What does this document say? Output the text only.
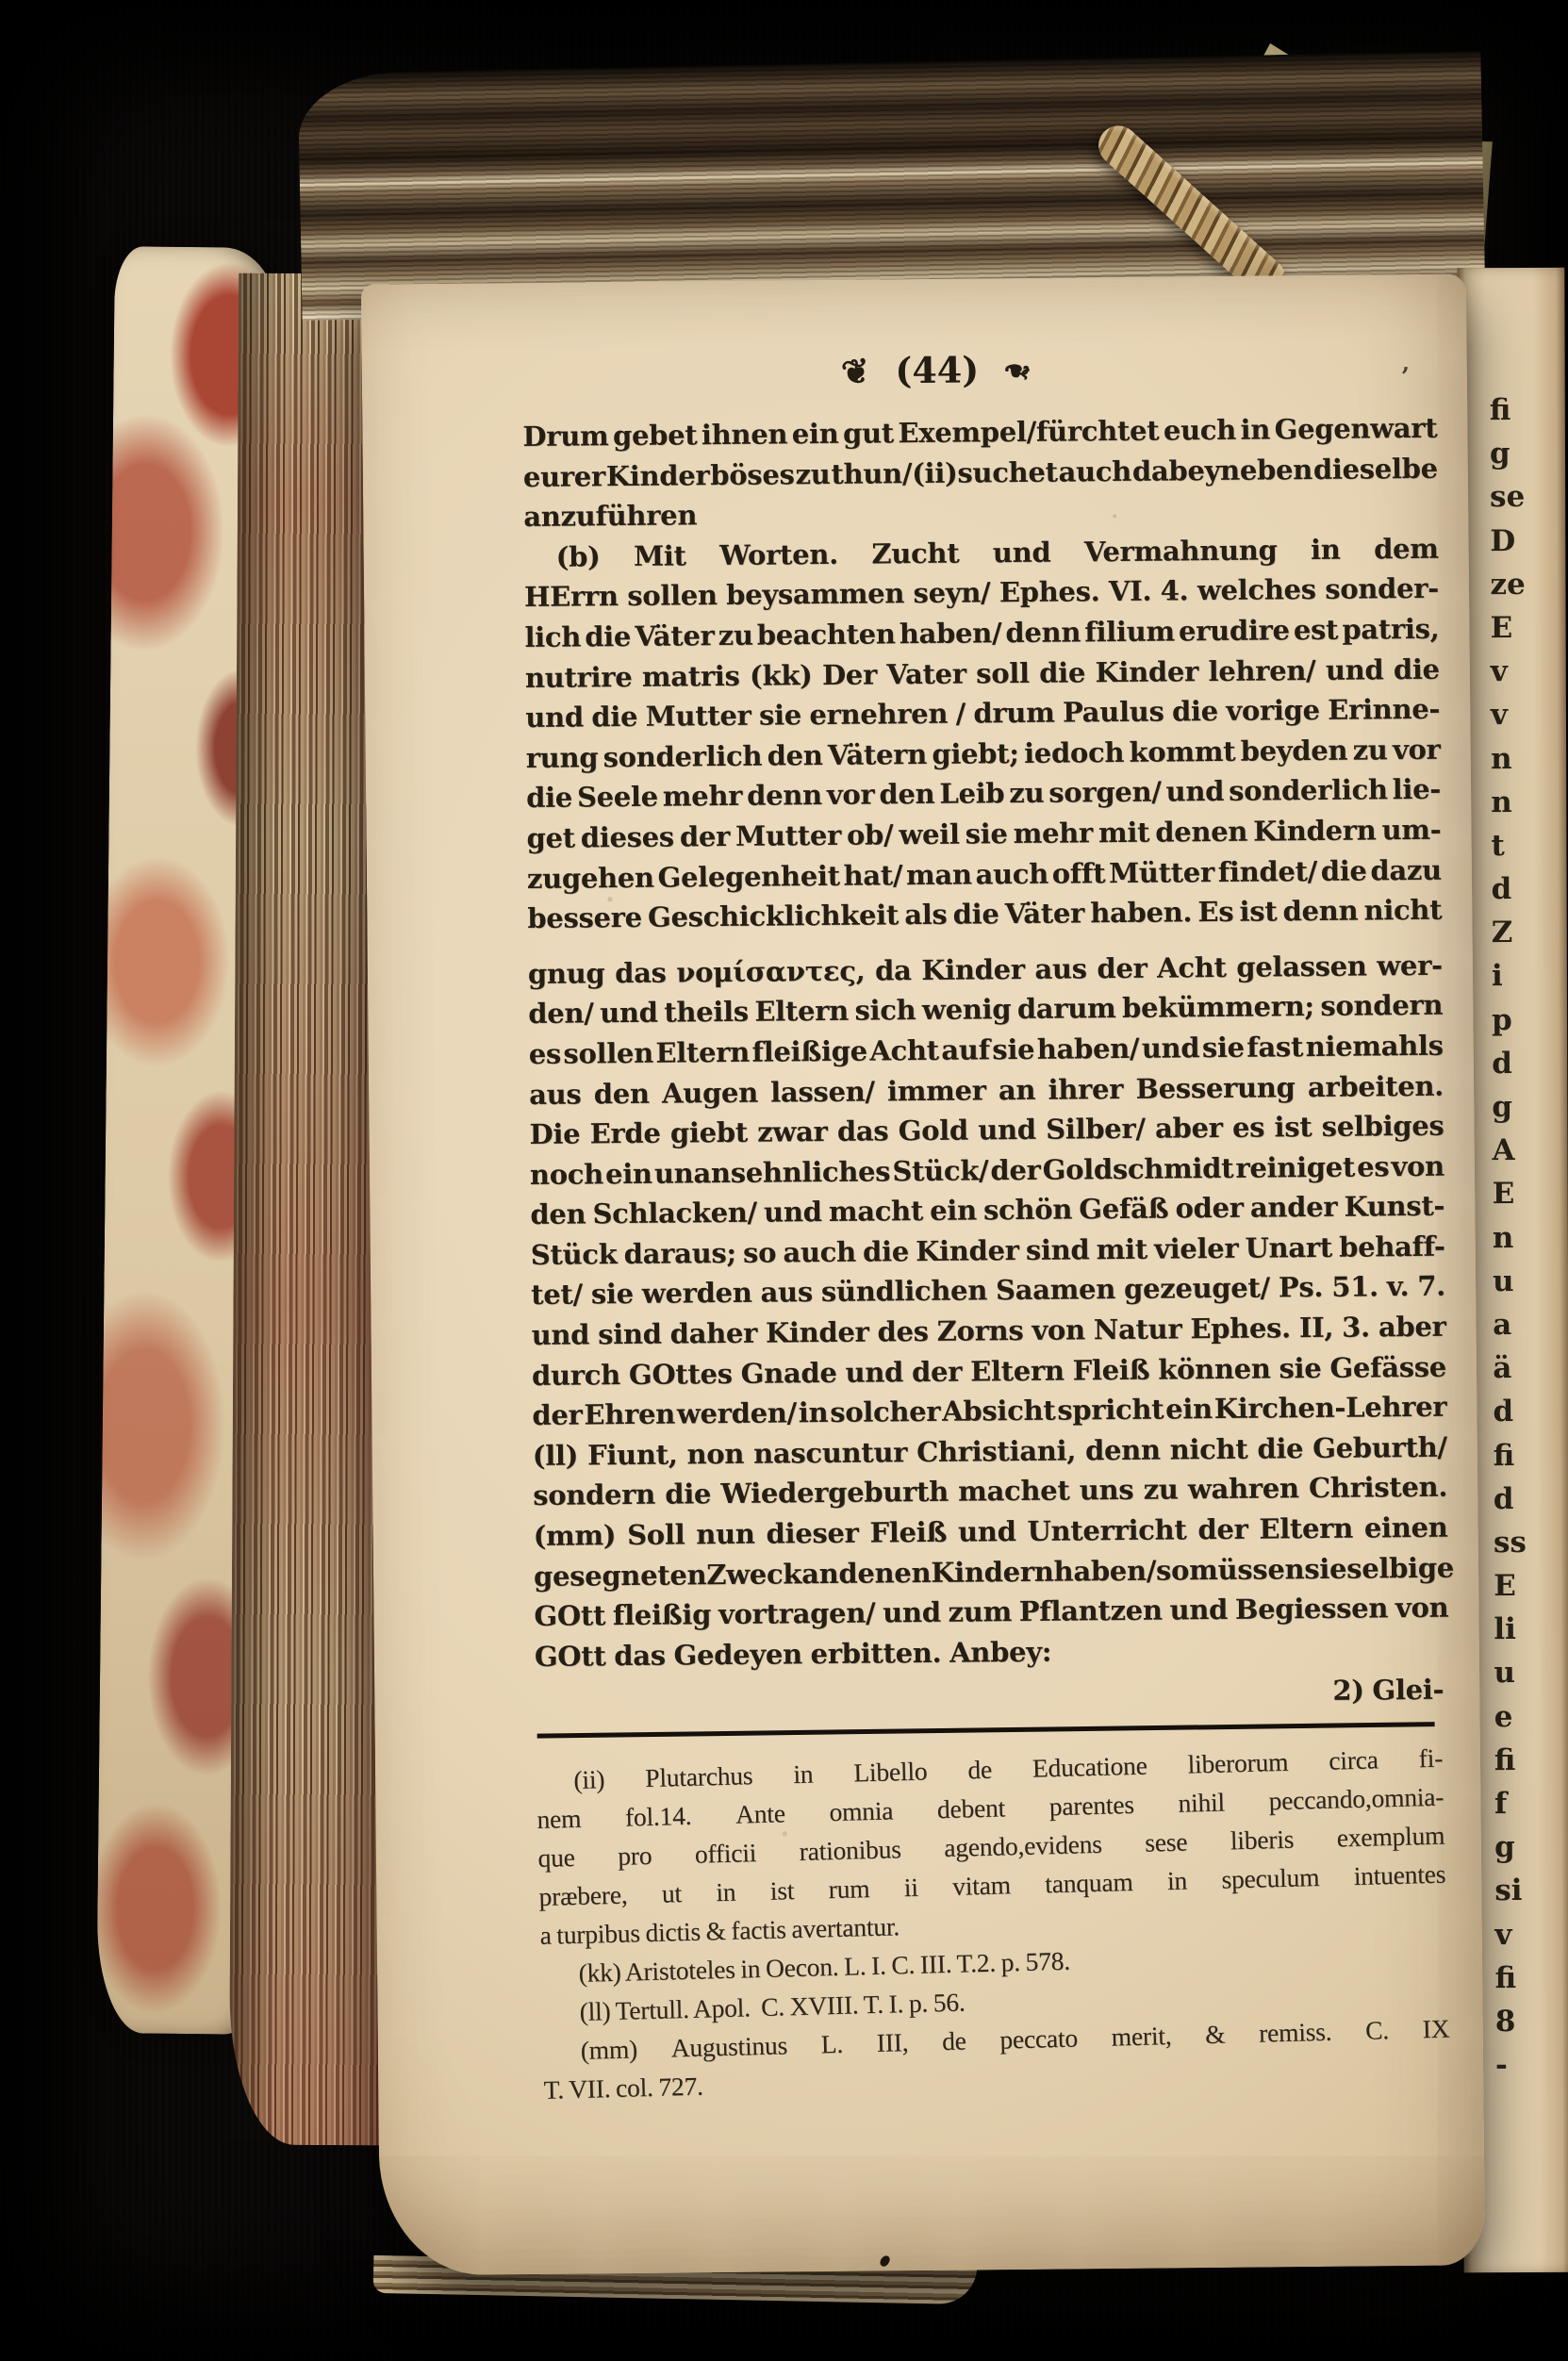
fi
g
se
D
ze
E
v
v
n
n
t
d
Z
i
p
d
g
A
E
n
u
a
ä
d
fi
d
ss
E
li
u
e
fi
f
g
si
v
fi
8
-
❦ (44) ❧	’
Drum gebet ihnen ein gut Exempel/fürchtet euch in Gegenwart
eurer Kinder böses zu thun/(ii)suchet auch dabeyneben dieselbe
anzuführen
(b) Mit Worten. Zucht und Vermahnung in dem
HErrn sollen beysammen seyn/ Ephes. VI. 4. welches sonder-
lich die Väter zu beachten haben/ denn filium erudire est patris,
nutrire matris (kk) Der Vater soll die Kinder lehren/ und die
und die Mutter sie ernehren / drum Paulus die vorige Erinne-
rung sonderlich den Vätern giebt; iedoch kommt beyden zu vor
die Seele mehr denn vor den Leib zu sorgen/ und sonderlich lie-
get dieses der Mutter ob/ weil sie mehr mit denen Kindern um-
zugehen Gelegenheit hat/ man auch offt Mütter findet/ die dazu
bessere Geschicklichkeit als die Väter haben. Es ist denn nicht
gnug das νομίσαντες, da Kinder aus der Acht gelassen wer-
den/ und theils Eltern sich wenig darum bekümmern; sondern
es sollen Eltern fleißige Acht auf sie haben/ und sie fast niemahls
aus den Augen lassen/ immer an ihrer Besserung arbeiten.
Die Erde giebt zwar das Gold und Silber/ aber es ist selbiges
noch ein unansehnliches Stück/ der Goldschmidt reiniget es von
den Schlacken/ und macht ein schön Gefäß oder ander Kunst-
Stück daraus; so auch die Kinder sind mit vieler Unart behaff-
tet/ sie werden aus sündlichen Saamen gezeuget/ Ps. 51. v. 7.
und sind daher Kinder des Zorns von Natur Ephes. II, 3. aber
durch GOttes Gnade und der Eltern Fleiß können sie Gefässe
der Ehren werden/ in solcher Absicht spricht ein Kirchen-Lehrer
(ll) Fiunt, non nascuntur Christiani, denn nicht die Geburth/
sondern die Wiedergeburth machet uns zu wahren Christen.
(mm) Soll nun dieser Fleiß und Unterricht der Eltern einen
gesegneten Zweck an denen Kindern haben/ so müssen sie selbige
GOtt fleißig vortragen/ und zum Pflantzen und Begiessen von
GOtt das Gedeyen erbitten. Anbey:
2) Glei-
(ii) Plutarchus in Libello de Educatione liberorum circa fi-
nem fol.14. Ante omnia debent parentes nihil peccando,omnia-
que pro officii rationibus agendo,evidens sese liberis exemplum
præbere, ut in ist rum ii vitam tanquam in speculum intuentes
a turpibus dictis & factis avertantur.
(kk) Aristoteles in Oecon. L. I. C. III. T.2. p. 578.
(ll) Tertull. Apol.  C. XVIII. T. I. p. 56.
(mm) Augustinus L. III, de peccato merit, & remiss. C. IX
T. VII. col. 727.
